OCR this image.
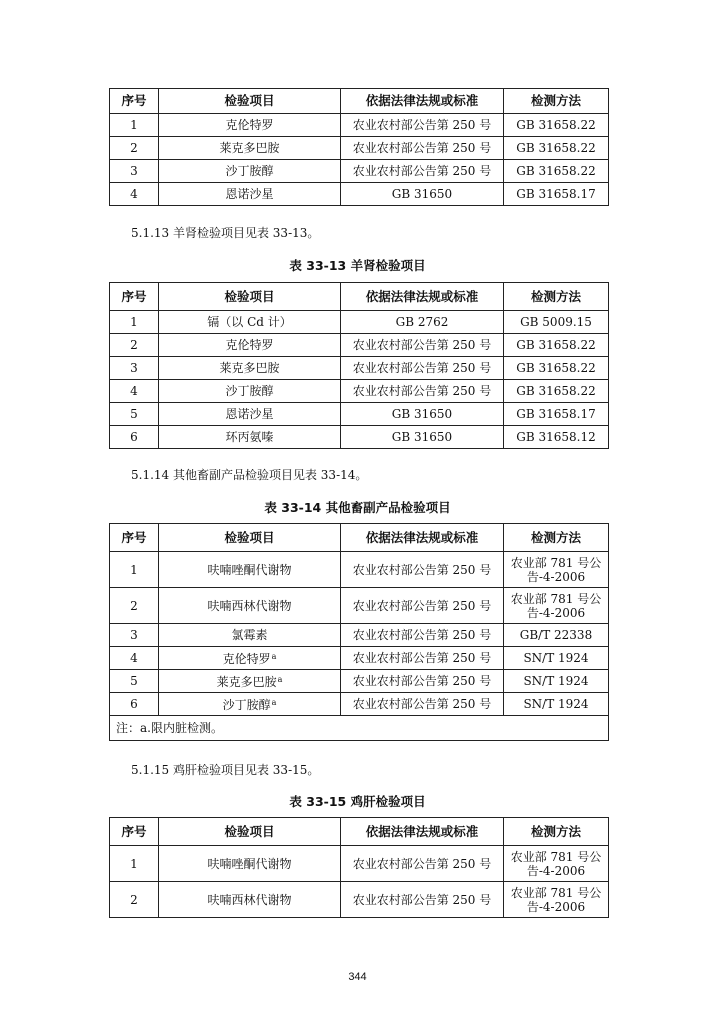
序号	检验项目	依据法律法规或标准	检测方法
1	克伦特罗	农业农村部公告第 250 号	GB 31658.22
2	莱克多巴胺	农业农村部公告第 250 号	GB 31658.22
3	沙丁胺醇	农业农村部公告第 250 号	GB 31658.22
4	恩诺沙星	GB 31650	GB 31658.17
5.1.13 羊肾检验项目见表 33-13。
表 33-13 羊肾检验项目
序号	检验项目	依据法律法规或标准	检测方法
1	镉（以 Cd 计）	GB 2762	GB 5009.15
2	克伦特罗	农业农村部公告第 250 号	GB 31658.22
3	莱克多巴胺	农业农村部公告第 250 号	GB 31658.22
4	沙丁胺醇	农业农村部公告第 250 号	GB 31658.22
5	恩诺沙星	GB 31650	GB 31658.17
6	环丙氨嗪	GB 31650	GB 31658.12
5.1.14 其他畜副产品检验项目见表 33-14。
表 33-14 其他畜副产品检验项目
序号	检验项目	依据法律法规或标准	检测方法
1	呋喃唑酮代谢物	农业农村部公告第 250 号	农业部 781 号公
告-4-2006
2	呋喃西林代谢物	农业农村部公告第 250 号	农业部 781 号公
告-4-2006
3	氯霉素	农业农村部公告第 250 号	GB/T 22338
4	克伦特罗$^a$	农业农村部公告第 250 号	SN/T 1924
5	莱克多巴胺$^a$	农业农村部公告第 250 号	SN/T 1924
6	沙丁胺醇$^a$	农业农村部公告第 250 号	SN/T 1924
注：a.限内脏检测。			
5.1.15 鸡肝检验项目见表 33-15。
表 33-15 鸡肝检验项目
序号	检验项目	依据法律法规或标准	检测方法
1	呋喃唑酮代谢物	农业农村部公告第 250 号	农业部 781 号公
告-4-2006
2	呋喃西林代谢物	农业农村部公告第 250 号	农业部 781 号公
告-4-2006
344
